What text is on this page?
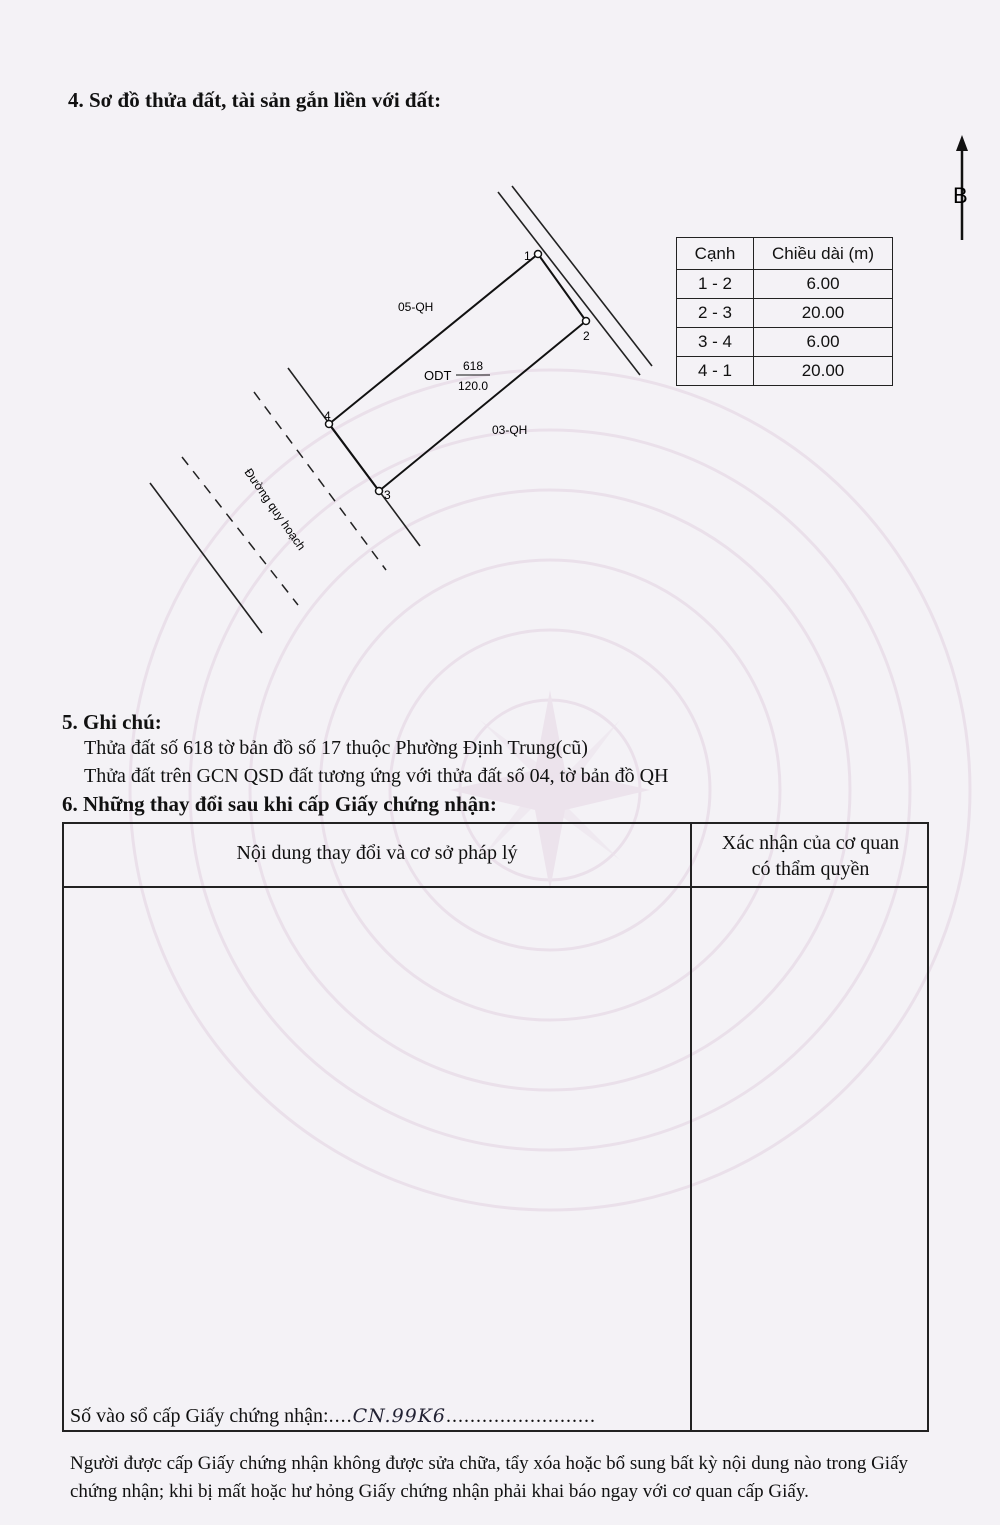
4. Sơ đồ thửa đất, tài sản gắn liền với đất:
1
2
3
4
05-QH
03-QH
ODT
618
120.0
Đường quy hoạch
B
Cạnh	Chiều dài (m)
1 - 2	6.00
2 - 3	20.00
3 - 4	6.00
4 - 1	20.00
5. Ghi chú:
Thửa đất số 618 tờ bản đồ số 17 thuộc Phường Định Trung(cũ)
Thửa đất trên GCN QSD đất tương ứng với thửa đất số 04, tờ bản đồ QH
6. Những thay đổi sau khi cấp Giấy chứng nhận:
Nội dung thay đổi và cơ sở pháp lý	Xác nhận của cơ quan
có thẩm quyền
Số vào sổ cấp Giấy chứng nhận:....CN.99K6.........................
Người được cấp Giấy chứng nhận không được sửa chữa, tẩy xóa hoặc bổ sung bất kỳ nội dung nào trong Giấy chứng nhận; khi bị mất hoặc hư hỏng Giấy chứng nhận phải khai báo ngay với cơ quan cấp Giấy.
